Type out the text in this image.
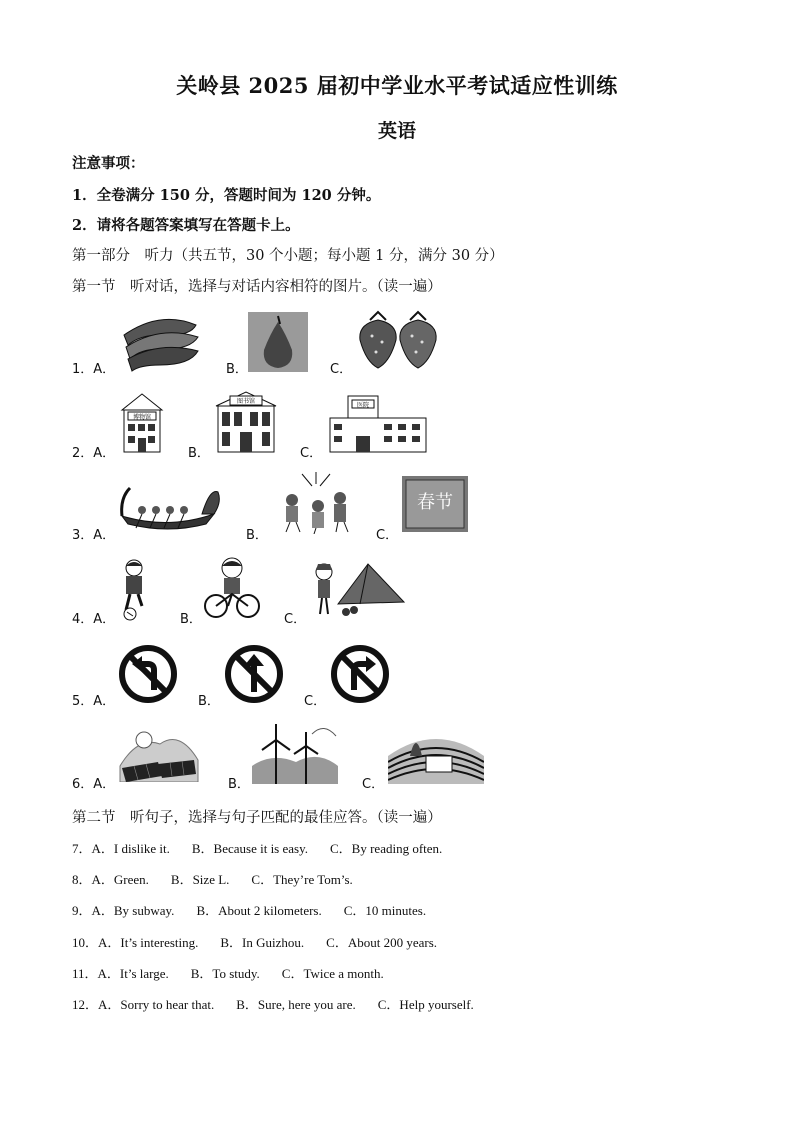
关岭县 2025 届初中学业水平考试适应性训练
英语
注意事项：
1．全卷满分 150 分，答题时间为 120 分钟。
2．请将各题答案填写在答题卡上。
第一部分　听力（共五节，30 个小题；每小题 1 分，满分 30 分）
第一节　听对话，选择与对话内容相符的图片。（读一遍）
1．A．	B．	C．
2．A．
博物馆
B．
图书馆
C．
医院
3．A．	B．	C．
春节
4．A．	B．	C．
5．A．	B．	C．
6．A．	B．	C．
第二节　听句子，选择与句子匹配的最佳应答。（读一遍）
7．A．I dislike it. B．Because it is easy. C．By reading often.
8．A．Green. B．Size L. C．They’re Tom’s.
9．A．By subway. B．About 2 kilometers. C．10 minutes.
10．A．It’s interesting. B．In Guizhou. C．About 200 years.
11．A．It’s large. B．To study. C．Twice a month.
12．A．Sorry to hear that. B．Sure, here you are. C．Help yourself.
